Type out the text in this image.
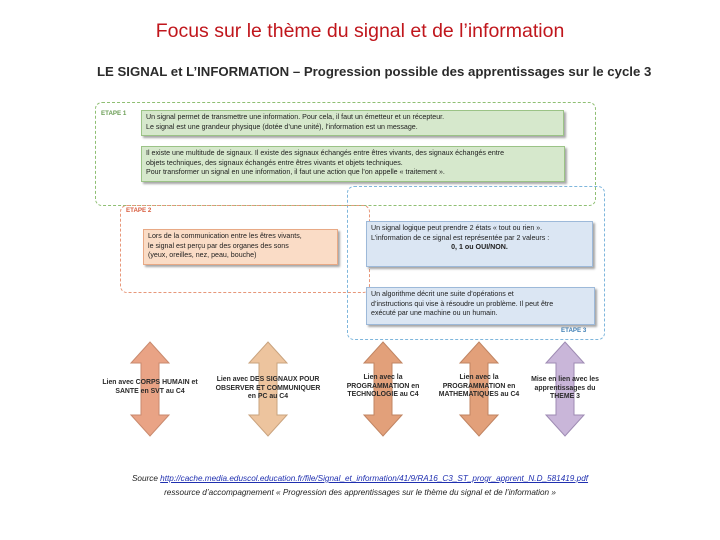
Focus sur le thème du signal et de l’information
LE SIGNAL et L’INFORMATION – Progression possible des apprentissages sur le cycle 3
ETAPE 1
ETAPE 2
ETAPE 3
Un signal permet de transmettre une information. Pour cela, il faut un émetteur et un récepteur.
Le signal est une grandeur physique (dotée d’une unité), l’information est un message.
Il existe une multitude de signaux. Il existe des signaux échangés entre êtres vivants, des signaux échangés entre
objets techniques, des signaux échangés entre êtres vivants et objets techniques.
Pour transformer un signal en une information, il faut une action que l’on appelle « traitement ».
Lors de la communication entre les êtres vivants,
le signal est perçu par des organes des sons
(yeux, oreilles, nez, peau, bouche)
Un signal logique peut prendre 2 états « tout ou rien ».
L’information de ce signal est représentée par 2 valeurs :
0, 1 ou OUI/NON.
Un algorithme décrit une suite d’opérations et
d’instructions qui vise à résoudre un problème. Il peut être
exécuté par une machine ou un humain.
Lien avec CORPS HUMAIN et
SANTE en SVT au C4
Lien avec DES SIGNAUX POUR
OBSERVER ET COMMUNIQUER
en PC au C4
Lien avec la
PROGRAMMATION en
TECHNOLOGIE au C4
Lien avec la
PROGRAMMATION en
MATHEMATIQUES au C4
Mise en lien avec les
apprentissages du
THEME 3
Source http://cache.media.eduscol.education.fr/file/Signal_et_information/41/9/RA16_C3_ST_progr_apprent_N.D_581419.pdf
ressource d’accompagnement « Progression des apprentissages sur le thème du signal et de l’information »
